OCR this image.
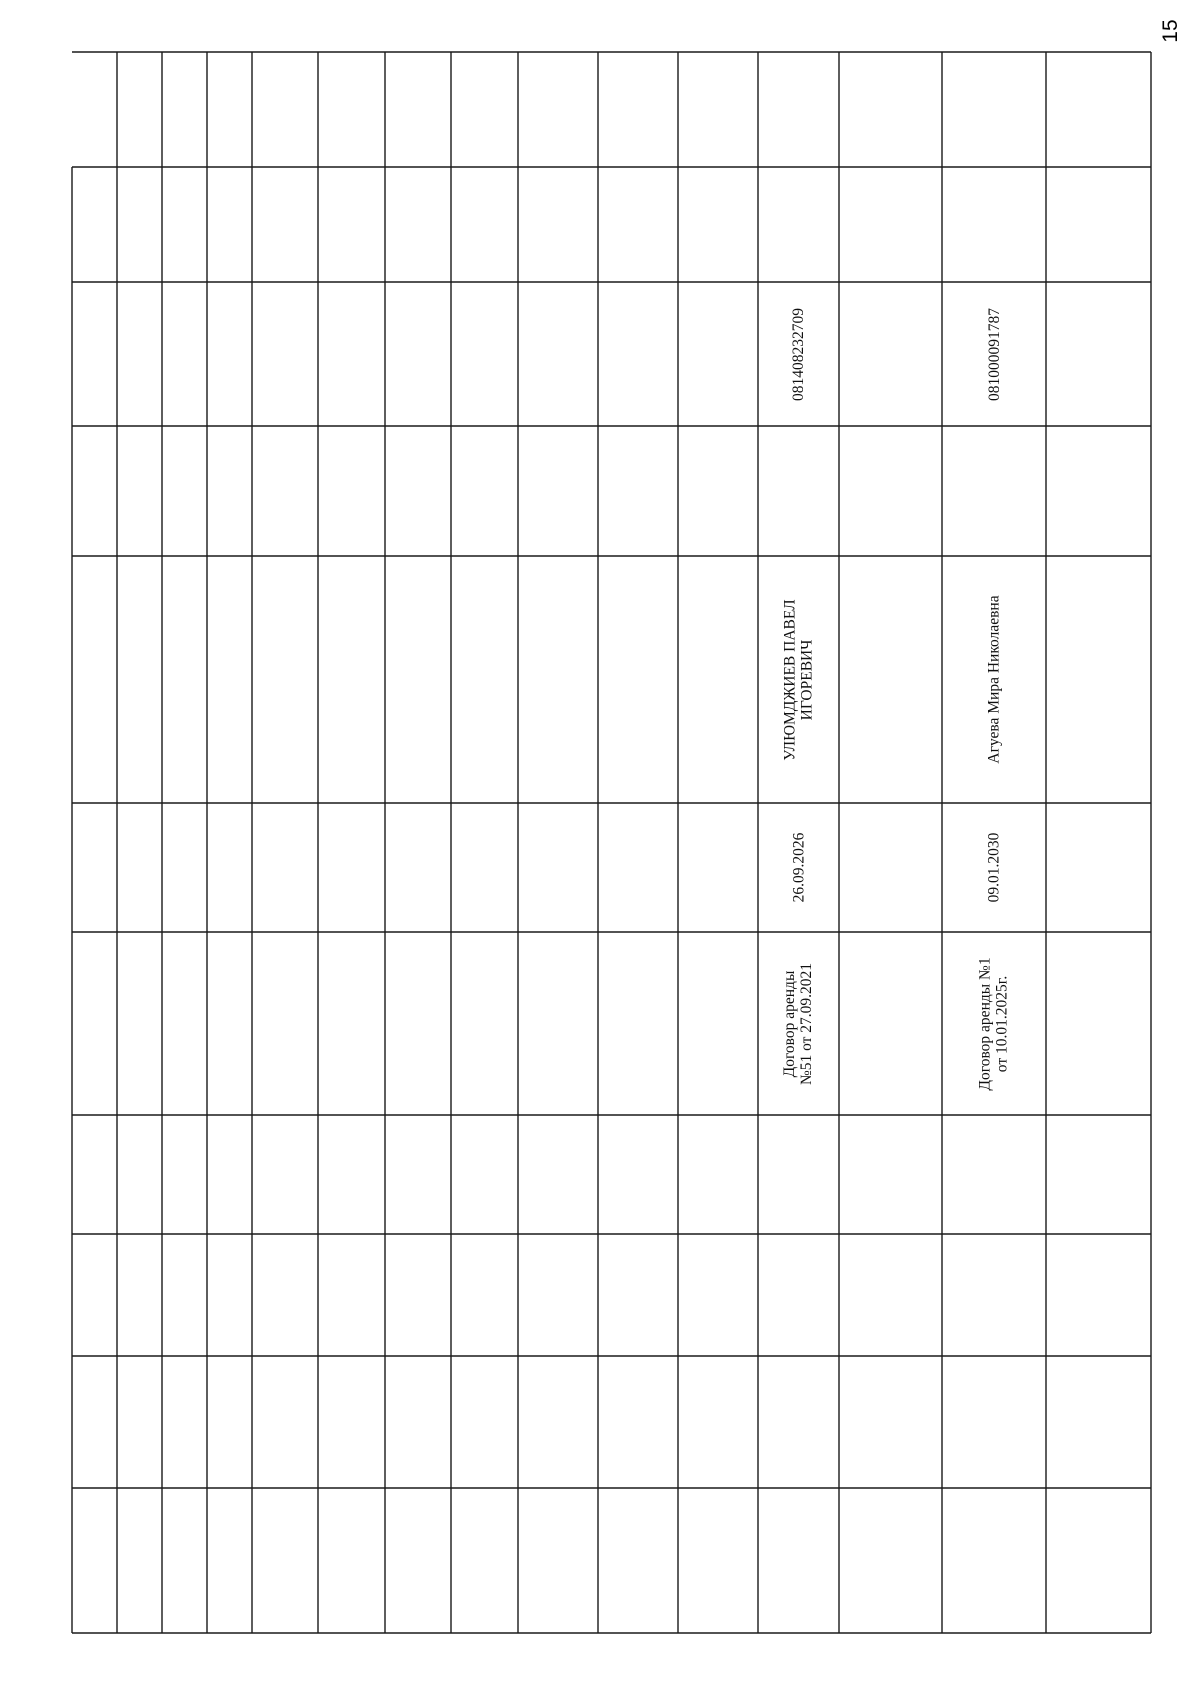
15
Договор аренды №51 от 27.09.2021
26.09.2026
УЛЮМДЖИЕВ ПАВЕЛ ИГОРЕВИЧ
081408232709
Договор аренды №1 от 10.01.2025г.
09.01.2030
Агуева Мира Николаевна
081000091787
